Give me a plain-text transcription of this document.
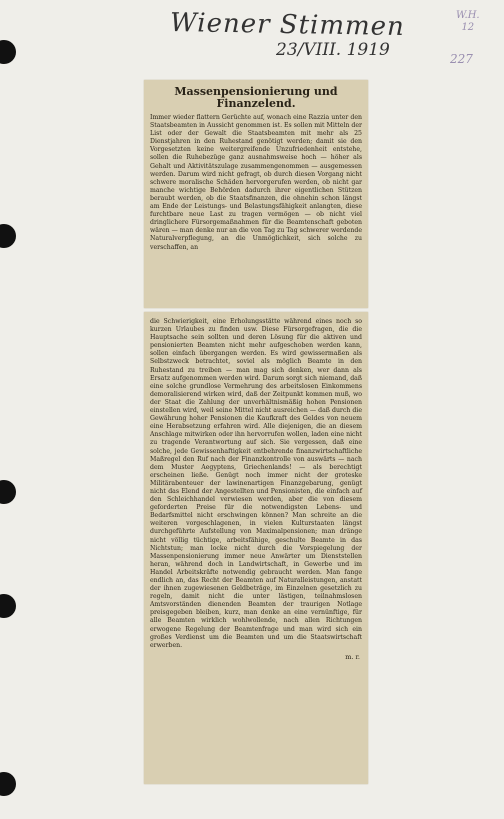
Wiener Stimmen
23/VIII. 1919
W.H.
12
227
Massenpensionierung und Finanzelend.
Immer wieder flattern Gerüchte auf, wonach eine Razzia unter den Staatsbeamten in Aussicht genommen ist. Es sollen mit Mitteln der List oder der Gewalt die Staatsbeamten mit mehr als 25 Dienstjahren in den Ruhestand genötigt werden; damit sie den Vorgesetzten keine weitergreifende Unzufriedenheit entstehe, sollen die Ruhebezüge ganz ausnahmsweise hoch — höher als Gehalt und Aktivitätszulage zusammengenommen — ausgemessen werden. Darum wird nicht gefragt, ob durch diesen Vorgang nicht schwere moralische Schäden hervorgerufen werden, ob nicht gar manche wichtige Behörden dadurch ihrer eigentlichen Stützen beraubt werden, ob die Staatsfinanzen, die ohnehin schon längst am Ende der Leistungs- und Belastungsfähigkeit anlangten, diese furchtbare neue Last zu tragen vermögen — ob nicht viel dringlichere Fürsorgemaßnahmen für die Beamtenschaft geboten wären — man denke nur an die von Tag zu Tag schwerer werdende Naturalverpflegung, an die Unmöglichkeit, sich solche zu verschaffen, an
die Schwierigkeit, eine Erholungsstätte während eines noch so kurzen Urlaubes zu finden usw. Diese Fürsorgefragen, die die Hauptsache sein sollten und deren Lösung für die aktiven und pensionierten Beamten nicht mehr aufgeschoben werden kann, sollen einfach übergangen werden. Es wird gewissermaßen als Selbstzweck betrachtet, soviel als möglich Beamte in den Ruhestand zu treiben — man mag sich denken, wer dann als Ersatz aufgenommen werden wird. Darum sorgt sich niemand, daß eine solche grundlose Vermehrung des arbeitslosen Einkommens demoralisierend wirken wird, daß der Zeitpunkt kommen muß, wo der Staat die Zahlung der unverhältnismäßig hohen Pensionen einstellen wird, weil seine Mittel nicht ausreichen — daß durch die Gewährung hoher Pensionen die Kaufkraft des Geldes von neuem eine Herabsetzung erfahren wird. Alle diejenigen, die an diesem Anschlage mitwirken oder ihn hervorrufen wollen, laden eine nicht zu tragende Verantwortung auf sich. Sie vergessen, daß eine solche, jede Gewissenhaftigkeit entbehrende finanzwirtschaftliche Maßregel den Ruf nach der Finanzkontrolle von auswärts — nach dem Muster Aegyptens, Griechenlands! — als berechtigt erscheinen ließe. Genügt noch immer nicht der groteske Militärabenteuer der lawinenartigen Finanzgebarung, genügt nicht das Elend der Angestellten und Pensionisten, die einfach auf den Schleichhandel verwiesen werden, aber die von diesem geforderten Preise für die notwendigsten Lebens- und Bedarfsmittel nicht erschwingen können? Man schreite an die weiteren vorgeschlagenen, in vielen Kulturstaaten längst durchgeführte Aufstellung von Maximalpensionen; man dränge nicht völlig tüchtige, arbeitsfähige, geschulte Beamte in das Nichtstun; man locke nicht durch die Vorspiegelung der Massenpensionierung immer neue Anwärter um Dienststellen heran, während doch in Landwirtschaft, in Gewerbe und im Handel Arbeitskräfte notwendig gebraucht werden. Man fange endlich an, das Recht der Beamten auf Naturalleistungen, anstatt der ihnen zugewiesenen Geldbeträge, im Einzelnen gesetzlich zu regeln, damit nicht die unter lästigen, teilnahmslosen Amtsvorständen dienenden Beamten der traurigen Notlage preisgegeben bleiben, kurz, man denke an eine vernünftige, für alle Beamten wirklich wohlwollende, nach allen Richtungen erwogene Regelung der Beamtenfrage und man wird sich ein großes Verdienst um die Beamten und um die Staatswirtschaft erwerben.
m. r.
